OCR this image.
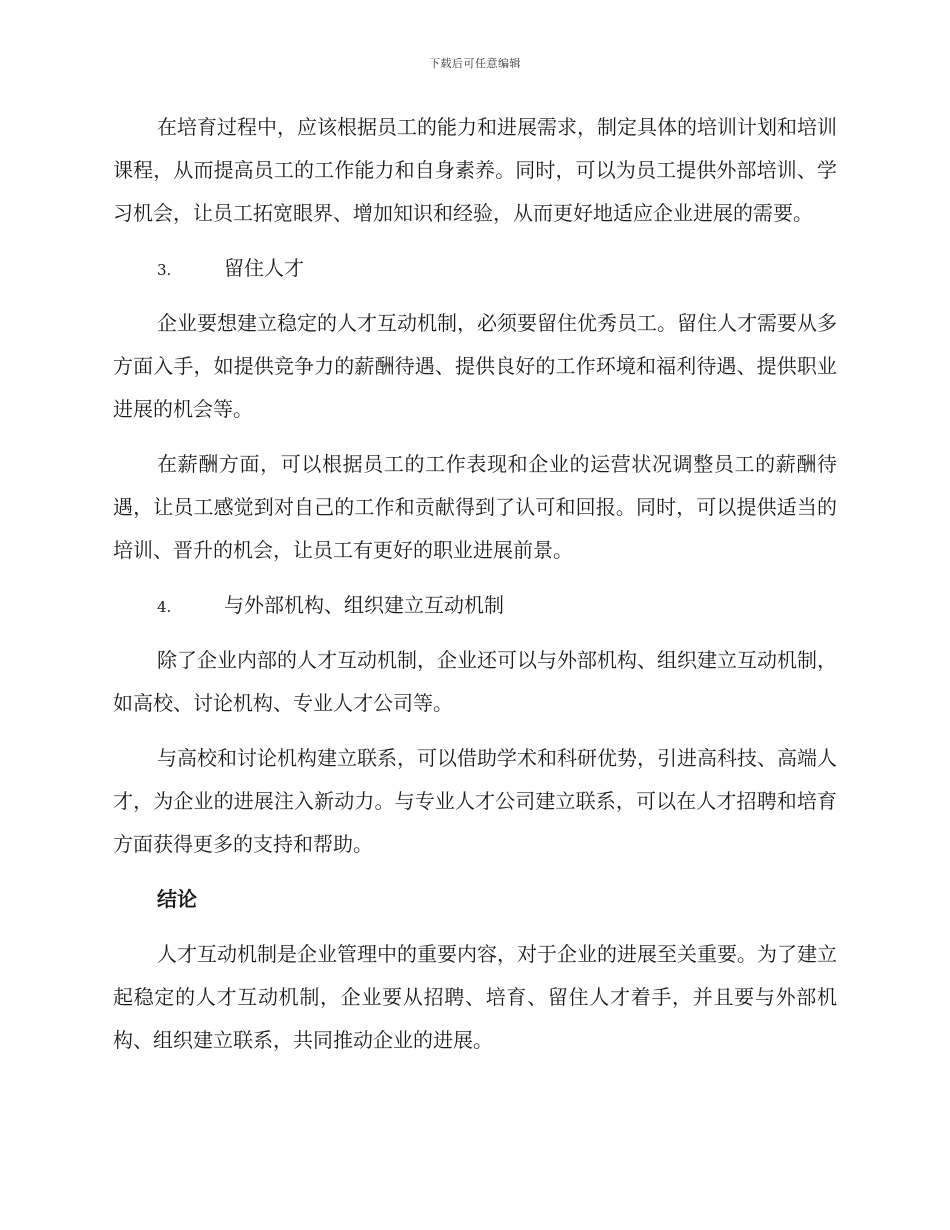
下载后可任意编辑

在培育过程中，应该根据员工的能力和进展需求，制定具体的培训计划和培训课程，从而提高员工的工作能力和自身素养。同时，可以为员工提供外部培训、学习机会，让员工拓宽眼界、增加知识和经验，从而更好地适应企业进展的需要。

3.	留住人才

企业要想建立稳定的人才互动机制，必须要留住优秀员工。留住人才需要从多方面入手，如提供竞争力的薪酬待遇、提供良好的工作环境和福利待遇、提供职业进展的机会等。

在薪酬方面，可以根据员工的工作表现和企业的运营状况调整员工的薪酬待遇，让员工感觉到对自己的工作和贡献得到了认可和回报。同时，可以提供适当的培训、晋升的机会，让员工有更好的职业进展前景。

4.	与外部机构、组织建立互动机制

除了企业内部的人才互动机制，企业还可以与外部机构、组织建立互动机制，如高校、讨论机构、专业人才公司等。

与高校和讨论机构建立联系，可以借助学术和科研优势，引进高科技、高端人才，为企业的进展注入新动力。与专业人才公司建立联系，可以在人才招聘和培育方面获得更多的支持和帮助。

结论

人才互动机制是企业管理中的重要内容，对于企业的进展至关重要。为了建立起稳定的人才互动机制，企业要从招聘、培育、留住人才着手，并且要与外部机构、组织建立联系，共同推动企业的进展。
